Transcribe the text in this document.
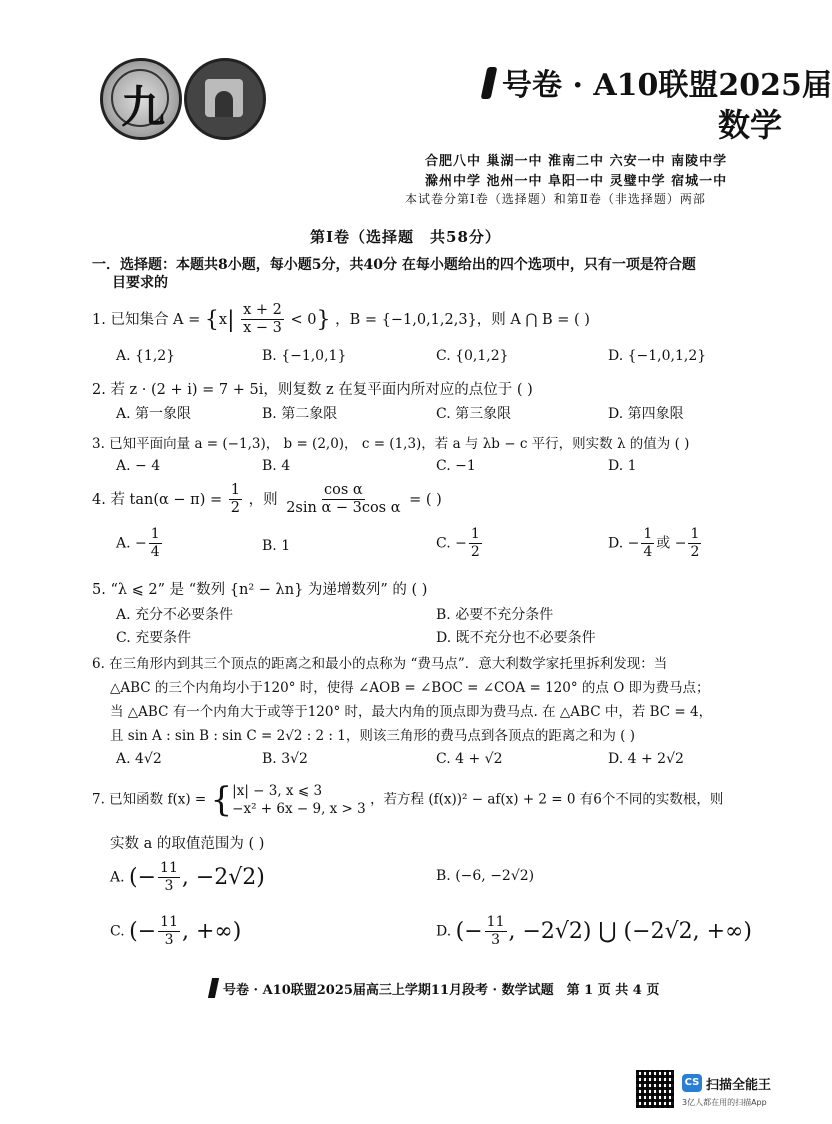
九	号卷 · A10联盟2025届
数学
合肥八中 巢湖一中 淮南二中 六安一中 南陵中学
滁州中学 池州一中 阜阳一中 灵璧中学 宿城一中
本试卷分第Ⅰ卷（选择题）和第Ⅱ卷（非选择题）两部
第Ⅰ卷（选择题　共58分）
一．选择题：本题共8小题，每小题5分，共40分 在每小题给出的四个选项中，只有一项是符合题
目要求的
1. 已知集合 $A = \{x| \frac{x + 2}{x - 3} < 0\}$ ，B = {−1,0,1,2,3}，则 A ⋂ B = ( )
A. {1,2}	B. {−1,0,1}	C. {0,1,2}	D. {−1,0,1,2}
2. 若 z · (2 + i) = 7 + 5i，则复数 z 在复平面内所对应的点位于 ( )
A. 第一象限	B. 第二象限	C. 第三象限	D. 第四象限
3. 已知平面向量 a = (−1,3)， b = (2,0)， c = (1,3)，若 a 与 λb − c 平行，则实数 λ 的值为 ( )
A. − 4	B. 4	C. −1	D. 1
4. 若 $\tan(\alpha - \pi) = \frac{1}{2}$ ，则 $\frac{\text{cos α}}{\text{2sin α − 3cos α}}$ = ( )
A. − $\frac{1}{4}$	B. 1	C. − $\frac{1}{2}$	D. − $\frac{1}{4}$ 或 − $\frac{1}{2}$
5. “λ ⩽ 2” 是 “数列 {n² − λn} 为递增数列” 的 ( )
A. 充分不必要条件	B. 必要不充分条件
C. 充要条件	D. 既不充分也不必要条件
6. 在三角形内到其三个顶点的距离之和最小的点称为 “费马点”．意大利数学家托里拆利发现：当
△ABC 的三个内角均小于120° 时，使得 ∠AOB = ∠BOC = ∠COA = 120° 的点 O 即为费马点；
当 △ABC 有一个内角大于或等于120° 时，最大内角的顶点即为费马点. 在 △ABC 中，若 BC = 4，
且 sin A : sin B : sin C = 2√2 : 2 : 1，则该三角形的费马点到各顶点的距离之和为 ( )
A. 4√2	B. 3√2	C. 4 + √2	D. 4 + 2√2
7. 已知函数 f(x) = { |x| − 3, x ⩽ 3
−x² + 6x − 9, x > 3
，若方程 (f(x))² − af(x) + 2 = 0 有6个不同的实数根，则
实数 a 的取值范围为 ( )
A. (− $\frac{11}{3}$ , −2√2)	B. (−6, −2√2)
C. (− $\frac{11}{3}$ , +∞)	D. (− $\frac{11}{3}$ , −2√2) ⋃ (−2√2, +∞)
号卷 · A10联盟2025届高三上学期11月段考 · 数学试题　第 1 页 共 4 页
CS 扫描全能王
3亿人都在用的扫描App
